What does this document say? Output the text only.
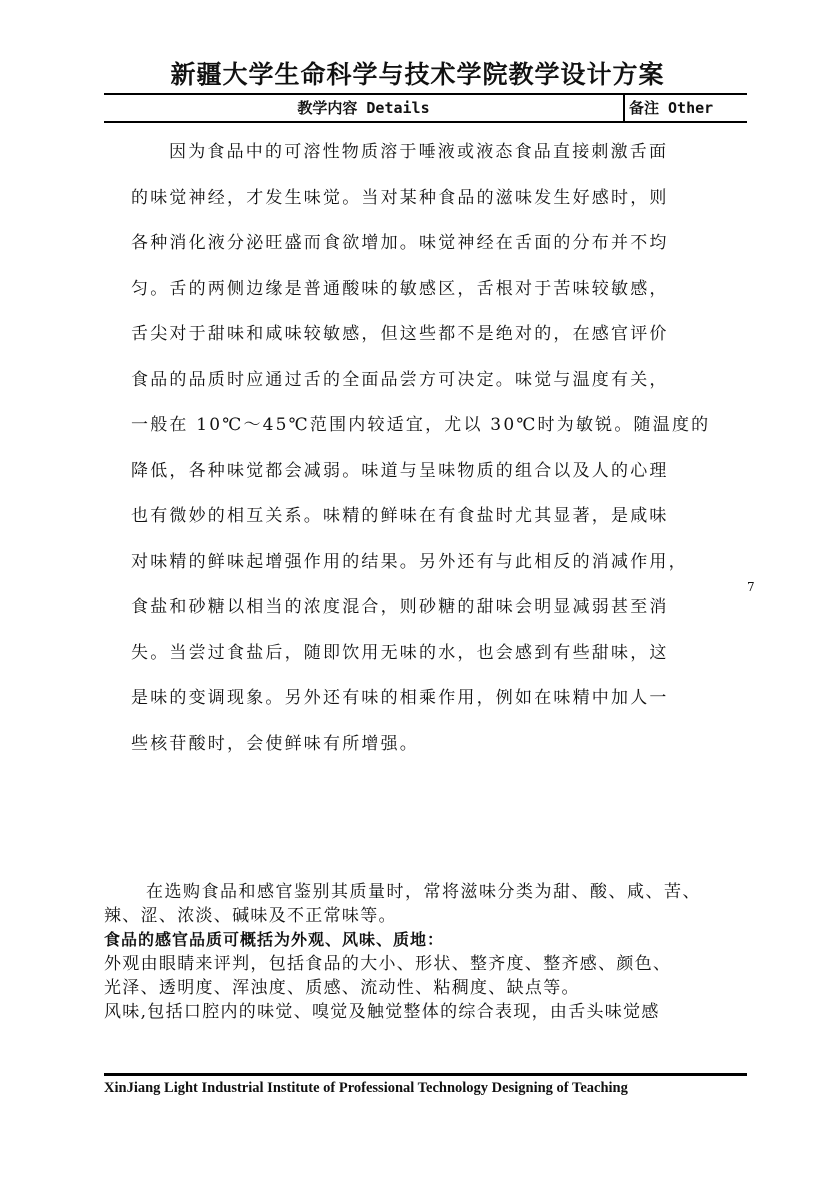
新疆大学生命科学与技术学院教学设计方案
教学内容 Details	备注 Other
因为食品中的可溶性物质溶于唾液或液态食品直接刺激舌面
的味觉神经，才发生味觉。当对某种食品的滋味发生好感时，则
各种消化液分泌旺盛而食欲增加。味觉神经在舌面的分布并不均
匀。舌的两侧边缘是普通酸味的敏感区，舌根对于苦味较敏感，
舌尖对于甜味和咸味较敏感，但这些都不是绝对的，在感官评价
食品的品质时应通过舌的全面品尝方可决定。味觉与温度有关，
一般在 10℃～45℃范围内较适宜，尤以 30℃时为敏锐。随温度的
降低，各种味觉都会减弱。味道与呈味物质的组合以及人的心理
也有微妙的相互关系。味精的鲜味在有食盐时尤其显著，是咸味
对味精的鲜味起增强作用的结果。另外还有与此相反的消减作用，
食盐和砂糖以相当的浓度混合，则砂糖的甜味会明显减弱甚至消
失。当尝过食盐后，随即饮用无味的水，也会感到有些甜味，这
是味的变调现象。另外还有味的相乘作用，例如在味精中加人一
些核苷酸时，会使鲜味有所增强。
7

在选购食品和感官鉴别其质量时，常将滋味分类为甜、酸、咸、苦、

辣、涩、浓淡、碱味及不正常味等。

食品的感官品质可概括为外观、风味、质地：

外观由眼睛来评判，包括食品的大小、形状、整齐度、整齐感、颜色、

光泽、透明度、浑浊度、质感、流动性、粘稠度、缺点等。

风味,包括口腔内的味觉、嗅觉及触觉整体的综合表现，由舌头味觉感

XinJiang Light Industrial Institute of Professional Technology Designing of Teaching
